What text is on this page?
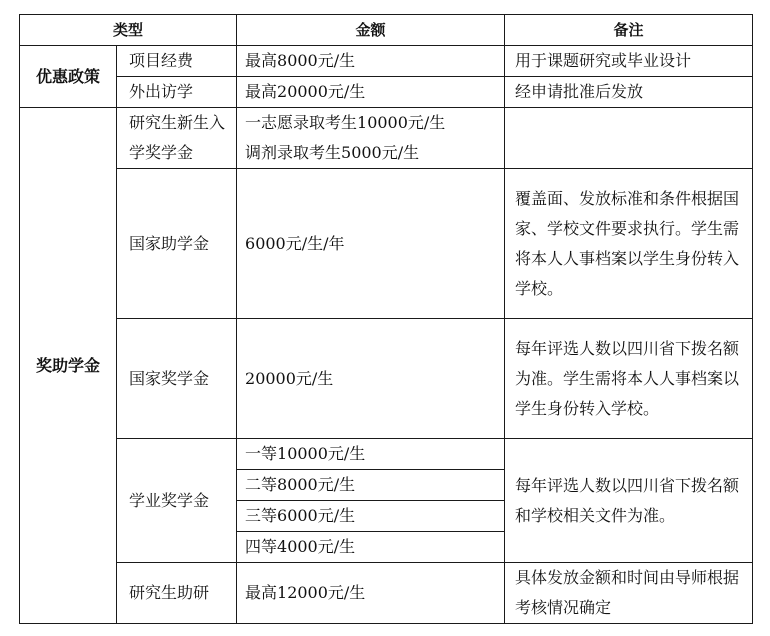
类型		金额	备注
优惠政策	项目经费	最高8000元/生	用于课题研究或毕业设计
	外出访学	最高20000元/生	经申请批准后发放
奖助学金	研究生新生入学奖学金	一志愿录取考生10000元/生
调剂录取考生5000元/生	

	国家助学金	6000元/生/年	覆盖面、发放标准和条件根据国家、学校文件要求执行。学生需将本人人事档案以学生身份转入学校。
	国家奖学金	20000元/生	每年评选人数以四川省下拨名额为准。学生需将本人人事档案以学生身份转入学校。
	学业奖学金	一等10000元/生	每年评选人数以四川省下拨名额和学校相关文件为准。
		二等8000元/生	
		三等6000元/生	
		四等4000元/生	
	研究生助研	最高12000元/生	具体发放金额和时间由导师根据考核情况确定
